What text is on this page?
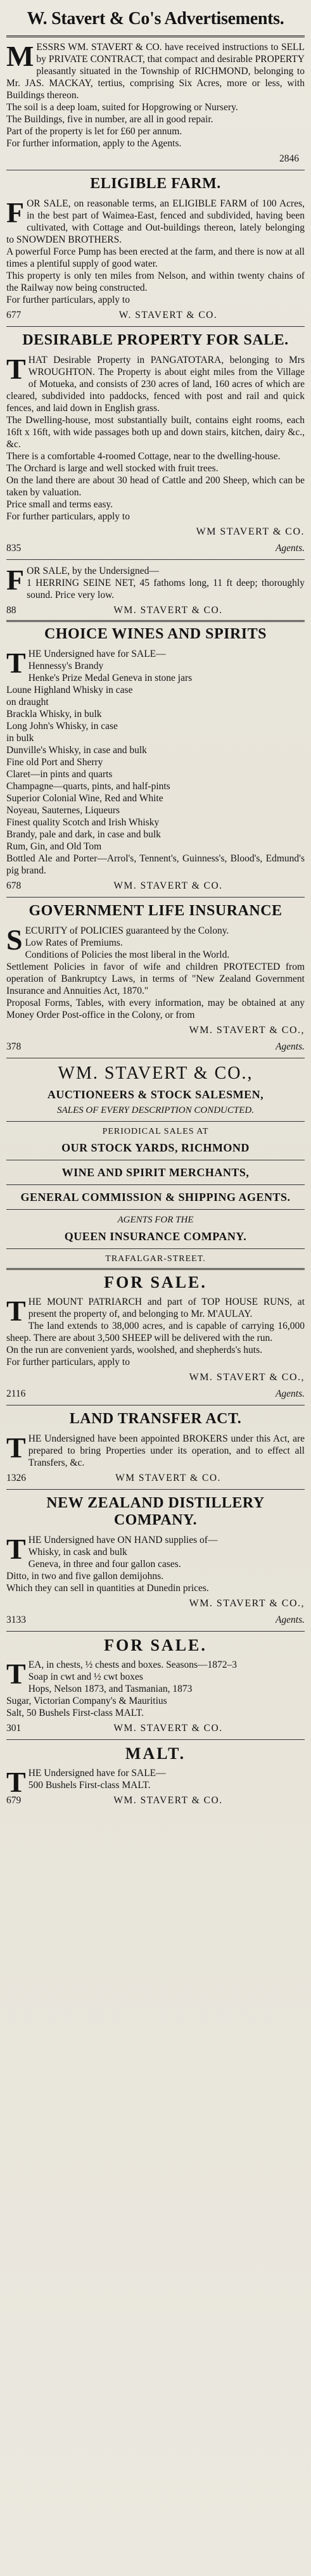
W. Stavert & Co's Advertisements.
M ESSRS WM. STAVERT & CO. have received instructions to SELL by PRIVATE CONTRACT, that compact and desirable PROPERTY pleasantly situated in the Township of RICHMOND, belonging to Mr. JAS. MACKAY, tertius, comprising Six Acres, more or less, with Buildings thereon.
The soil is a deep loam, suited for Hopgrowing or Nursery.
The Buildings, five in number, are all in good repair.
Part of the property is let for £60 per annum.
For further information, apply to the Agents.

2846
ELIGIBLE FARM.
F OR SALE, on reasonable terms, an ELIGIBLE FARM of 100 Acres, in the best part of Waimea-East, fenced and subdivided, having been cultivated, with Cottage and Out-buildings thereon, lately belonging to SNOWDEN BROTHERS.
A powerful Force Pump has been erected at the farm, and there is now at all times a plentiful supply of good water.
This property is only ten miles from Nelson, and within twenty chains of the Railway now being constructed.
For further particulars, apply to

677	W. STAVERT & CO.
DESIRABLE PROPERTY FOR SALE.
T HAT Desirable Property in PANGATOTARA, belonging to Mrs WROUGHTON. The Property is about eight miles from the Village of Motueka, and consists of 230 acres of land, 160 acres of which are cleared, subdivided into paddocks, fenced with post and rail and quick fences, and laid down in English grass.
The Dwelling-house, most substantially built, contains eight rooms, each 16ft x 16ft, with wide passages both up and down stairs, kitchen, dairy &c., &c.
There is a comfortable 4-roomed Cottage, near to the dwelling-house.
The Orchard is large and well stocked with fruit trees.
On the land there are about 30 head of Cattle and 200 Sheep, which can be taken by valuation.
Price small and terms easy.
For further particulars, apply to

WM STAVERT & CO.
835	Agents.
F OR SALE, by the Undersigned—
1 HERRING SEINE NET, 45 fathoms long, 11 ft deep; thoroughly sound. Price very low.

88	WM. STAVERT & CO.
CHOICE WINES AND SPIRITS
T HE Undersigned have for SALE—
Hennessy's Brandy
Henke's Prize Medal Geneva in stone jars
Loune Highland Whisky in case
on draught
Bracklа Whisky, in bulk
Long John's Whisky, in case
in bulk
Dunville's Whisky, in case and bulk
Fine old Port and Sherry
Claret—in pints and quarts
Champagne—quarts, pints, and half-pints
Superior Colonial Wine, Red and White
Noyeau, Sauternes, Liqueurs
Finest quality Scotch and Irish Whisky
Brandy, pale and dark, in case and bulk
Rum, Gin, and Old Tom
Bottled Ale and Porter—Arrol's, Tennent's, Guinness's, Blood's, Edmund's pig brand.

678	WM. STAVERT & CO.
GOVERNMENT LIFE INSURANCE
S ECURITY of POLICIES guaranteed by the Colony.
Low Rates of Premiums.
Conditions of Policies the most liberal in the World.
Settlement Policies in favor of wife and children PROTECTED from operation of Bankruptcy Laws, in terms of "New Zealand Government Insurance and Annuities Act, 1870."
Proposal Forms, Tables, with every information, may be obtained at any Money Order Post-office in the Colony, or from

WM. STAVERT & CO.,
378	Agents.
WM. STAVERT & CO.,
AUCTIONEERS & STOCK SALESMEN,
SALES OF EVERY DESCRIPTION CONDUCTED.
PERIODICAL SALES AT
OUR STOCK YARDS, RICHMOND
WINE AND SPIRIT MERCHANTS,
GENERAL COMMISSION & SHIPPING AGENTS.
AGENTS FOR THE
QUEEN INSURANCE COMPANY.
TRAFALGAR-STREET.
FOR SALE.
T HE MOUNT PATRIARCH and part of TOP HOUSE RUNS, at present the property of, and belonging to Mr. M'AULAY.
The land extends to 38,000 acres, and is capable of carrying 16,000 sheep. There are about 3,500 SHEEP will be delivered with the run.
On the run are convenient yards, woolshed, and shepherds's huts.
For further particulars, apply to

WM. STAVERT & CO.,
2116	Agents.
LAND TRANSFER ACT.
T HE Undersigned have been appointed BROKERS under this Act, are prepared to bring Properties under its operation, and to effect all Transfers, &c.

1326	WM STAVERT & CO.
NEW ZEALAND DISTILLERY COMPANY.
T HE Undersigned have ON HAND supplies of—
Whisky, in cask and bulk
Geneva, in three and four gallon cases.
Ditto, in two and five gallon demijohns.
Which they can sell in quantities at Dunedin prices.

WM. STAVERT & CO.,
3133	Agents.
FOR SALE.
T EA, in chests, ½ chests and boxes. Seasons—1872–3
Soap in cwt and ½ cwt boxes
Hops, Nelson 1873, and Tasmanian, 1873
Sugar, Victorian Company's & Mauritius
Salt, 50 Bushels First-class MALT.

301	WM. STAVERT & CO.
MALT.
T HE Undersigned have for SALE—
500 Bushels First-class MALT.

679	WM. STAVERT & CO.
